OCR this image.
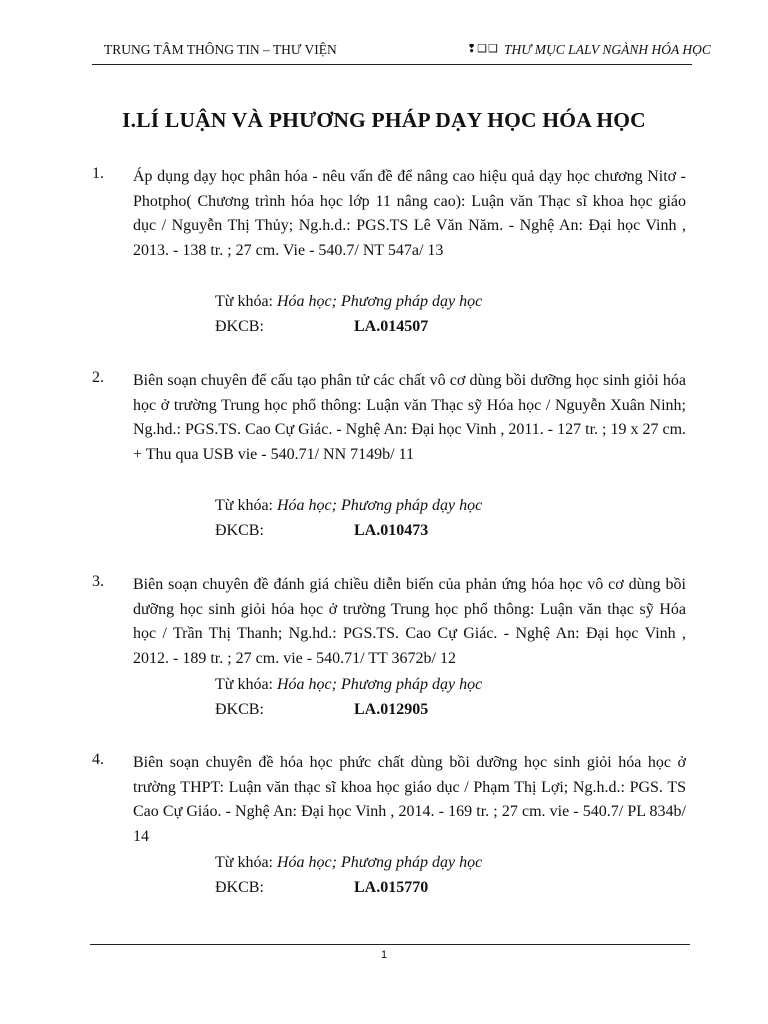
TRUNG TÂM THÔNG TIN – THƯ VIỆN	❢❑❑ THƯ MỤC LALV NGÀNH HÓA HỌC
I.LÍ LUẬN VÀ PHƯƠNG PHÁP DẠY HỌC HÓA HỌC
1. Áp dụng dạy học phân hóa - nêu vấn đề để nâng cao hiệu quả dạy học chương Nitơ - Photpho( Chương trình hóa học lớp 11 nâng cao): Luận văn Thạc sĩ khoa học giáo dục / Nguyễn Thị Thủy; Ng.h.d.: PGS.TS Lê Văn Năm. - Nghệ An: Đại học Vinh , 2013. - 138 tr. ; 27 cm. Vie - 540.7/ NT 547a/ 13
Từ khóa: Hóa học; Phương pháp dạy học
ĐKCB:	LA.014507
2. Biên soạn chuyên để cấu tạo phân tử các chất vô cơ dùng bồi dưỡng học sinh giỏi hóa học ở trường Trung học phổ thông: Luận văn Thạc sỹ Hóa học / Nguyễn Xuân Ninh; Ng.hd.: PGS.TS. Cao Cự Giác. - Nghệ An: Đại học Vinh , 2011. - 127 tr. ; 19 x 27 cm. + Thu qua USB vie - 540.71/ NN 7149b/ 11
Từ khóa: Hóa học; Phương pháp dạy học
ĐKCB:	LA.010473
3. Biên soạn chuyên đề đánh giá chiều diễn biến của phản ứng hóa học vô cơ dùng bồi dưỡng học sinh giỏi hóa học ở trường Trung học phổ thông: Luận văn thạc sỹ Hóa học / Trần Thị Thanh; Ng.hd.: PGS.TS. Cao Cự Giác. - Nghệ An: Đại học Vinh , 2012. - 189 tr. ; 27 cm. vie - 540.71/ TT 3672b/ 12
Từ khóa: Hóa học; Phương pháp dạy học
ĐKCB:	LA.012905
4. Biên soạn chuyên đề hóa học phức chất dùng bồi dưỡng học sinh giỏi hóa học ở trường THPT: Luận văn thạc sĩ khoa học giáo dục / Phạm Thị Lợi; Ng.h.d.: PGS. TS Cao Cự Giáo. - Nghệ An: Đại học Vinh , 2014. - 169 tr. ; 27 cm. vie - 540.7/ PL 834b/ 14
Từ khóa: Hóa học; Phương pháp dạy học
ĐKCB:	LA.015770
1
